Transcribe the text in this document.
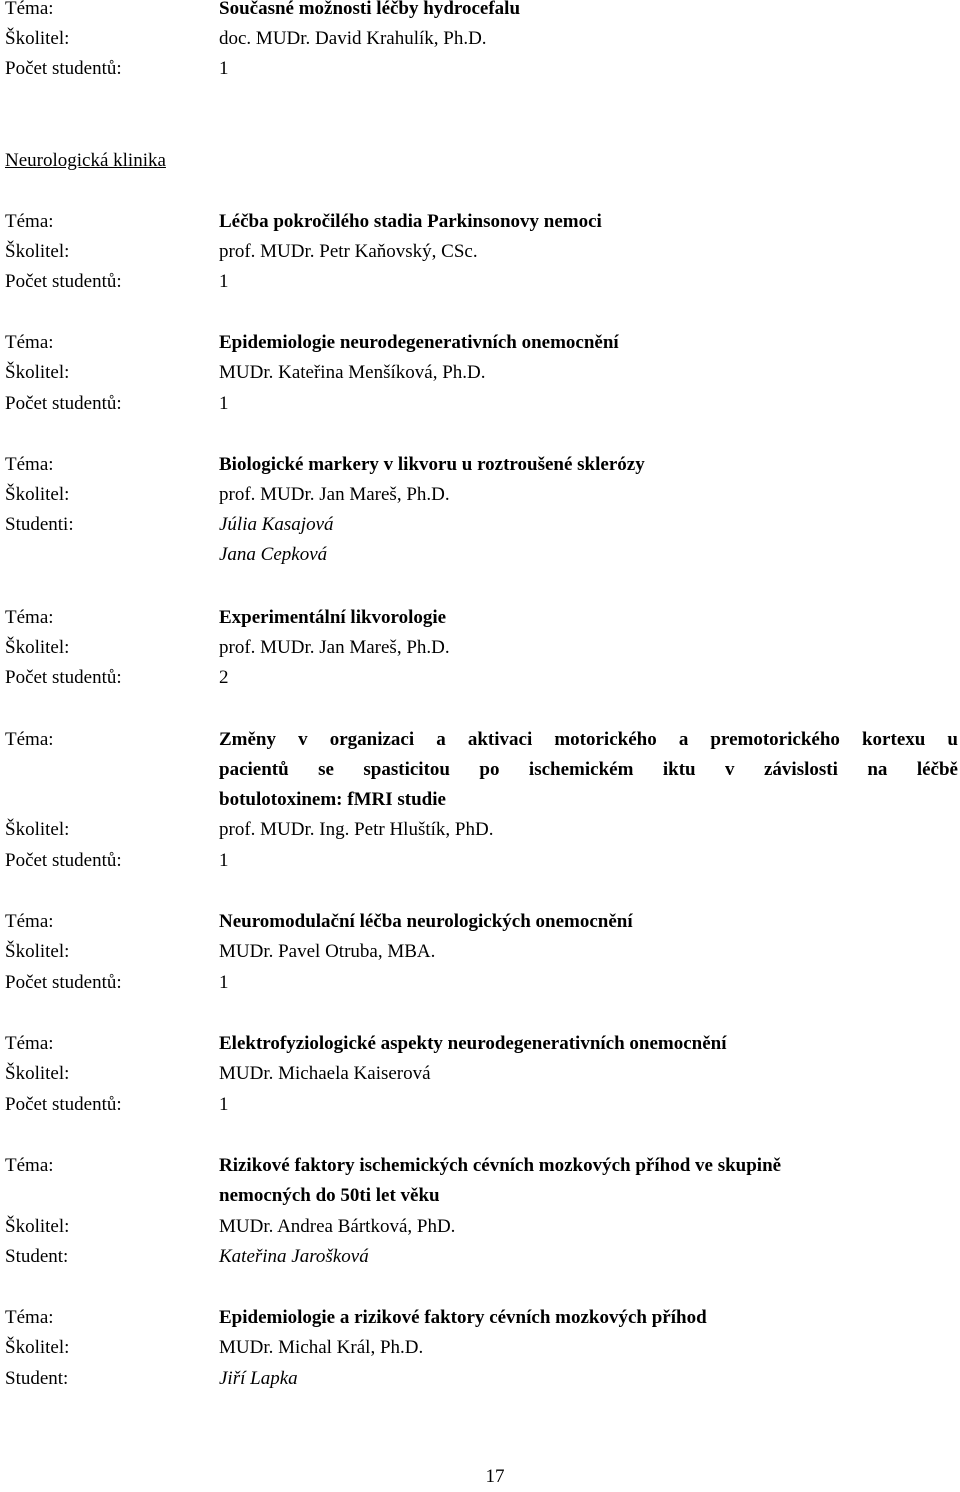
Téma:	Současné možnosti léčby hydrocefalu
Školitel:	doc. MUDr. David Krahulík, Ph.D.
Počet studentů:	1
Neurologická klinika
Téma:	Léčba pokročilého stadia Parkinsonovy nemoci
Školitel:	prof. MUDr. Petr Kaňovský, CSc.
Počet studentů:	1
Téma:	Epidemiologie neurodegenerativních onemocnění
Školitel:	MUDr. Kateřina Menšíková, Ph.D.
Počet studentů:	1
Téma:	Biologické markery v likvoru u roztroušené sklerózy
Školitel:	prof. MUDr. Jan Mareš, Ph.D.
Studenti:	Júlia Kasajová
Jana Cepková
Téma:	Experimentální likvorologie
Školitel:	prof. MUDr. Jan Mareš, Ph.D.
Počet studentů:	2
Téma:	Změny v organizaci a aktivaci motorického a premotorického kortexu u
pacientů se spasticitou po ischemickém iktu v závislosti na léčbě
botulotoxinem: fMRI studie
Školitel:	prof. MUDr. Ing. Petr Hluštík, PhD.
Počet studentů:	1
Téma:	Neuromodulační léčba neurologických onemocnění
Školitel:	MUDr. Pavel Otruba, MBA.
Počet studentů:	1
Téma:	Elektrofyziologické aspekty neurodegenerativních onemocnění
Školitel:	MUDr. Michaela Kaiserová
Počet studentů:	1
Téma:	Rizikové faktory ischemických cévních mozkových příhod ve skupině
nemocných do 50ti let věku
Školitel:	MUDr. Andrea Bártková, PhD.
Student:	Kateřina Jarošková
Téma:	Epidemiologie a rizikové faktory cévních mozkových příhod
Školitel:	MUDr. Michal Král, Ph.D.
Student:	Jiří Lapka
17
